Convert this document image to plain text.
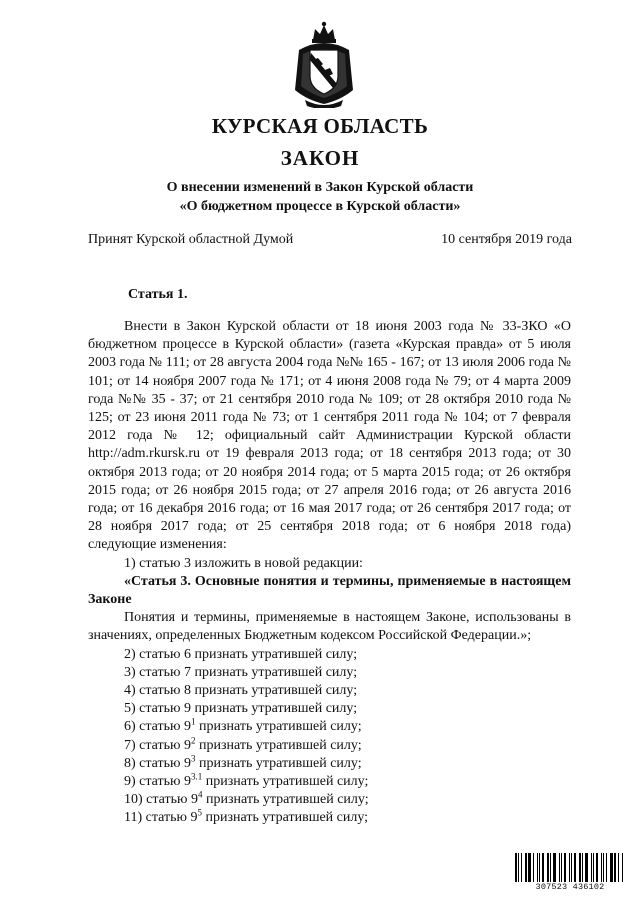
КУРСКАЯ ОБЛАСТЬ
ЗАКОН
О внесении изменений в Закон Курской области
«О бюджетном процессе в Курской области»
Принят Курской областной Думой	10 сентября 2019 года
Статья 1.

Внести в Закон Курской области от 18 июня 2003 года № 33-ЗКО «О бюджетном процессе в Курской области» (газета «Курская правда» от 5 июля 2003 года № 111; от 28 августа 2004 года №№ 165 - 167; от 13 июля 2006 года № 101; от 14 ноября 2007 года № 171; от 4 июня 2008 года № 79; от 4 марта 2009 года №№ 35 - 37; от 21 сентября 2010 года № 109; от 28 октября 2010 года № 125; от 23 июня 2011 года № 73; от 1 сентября 2011 года № 104; от 7 февраля 2012 года № 12; официальный сайт Администрации Курской области http://adm.rkursk.ru от 19 февраля 2013 года; от 18 сентября 2013 года; от 30 октября 2013 года; от 20 ноября 2014 года; от 5 марта 2015 года; от 26 октября 2015 года; от 26 ноября 2015 года; от 27 апреля 2016 года; от 26 августа 2016 года; от 16 декабря 2016 года; от 16 мая 2017 года; от 26 сентября 2017 года; от 28 ноября 2017 года; от 25 сентября 2018 года; от 6 ноября 2018 года) следующие изменения:

1) статью 3 изложить в новой редакции:

«Статья 3. Основные понятия и термины, применяемые в настоящем Законе

Понятия и термины, применяемые в настоящем Законе, использованы в значениях, определенных Бюджетным кодексом Российской Федерации.»;

2) статью 6 признать утратившей силу;

3) статью 7 признать утратившей силу;

4) статью 8 признать утратившей силу;

5) статью 9 признать утратившей силу;

6) статью $9^1$ признать утратившей силу;

7) статью $9^2$ признать утратившей силу;

8) статью $9^3$ признать утратившей силу;

9) статью $9^{3.1}$ признать утратившей силу;

10) статью $9^4$ признать утратившей силу;

11) статью $9^5$ признать утратившей силу;

307523 436102
